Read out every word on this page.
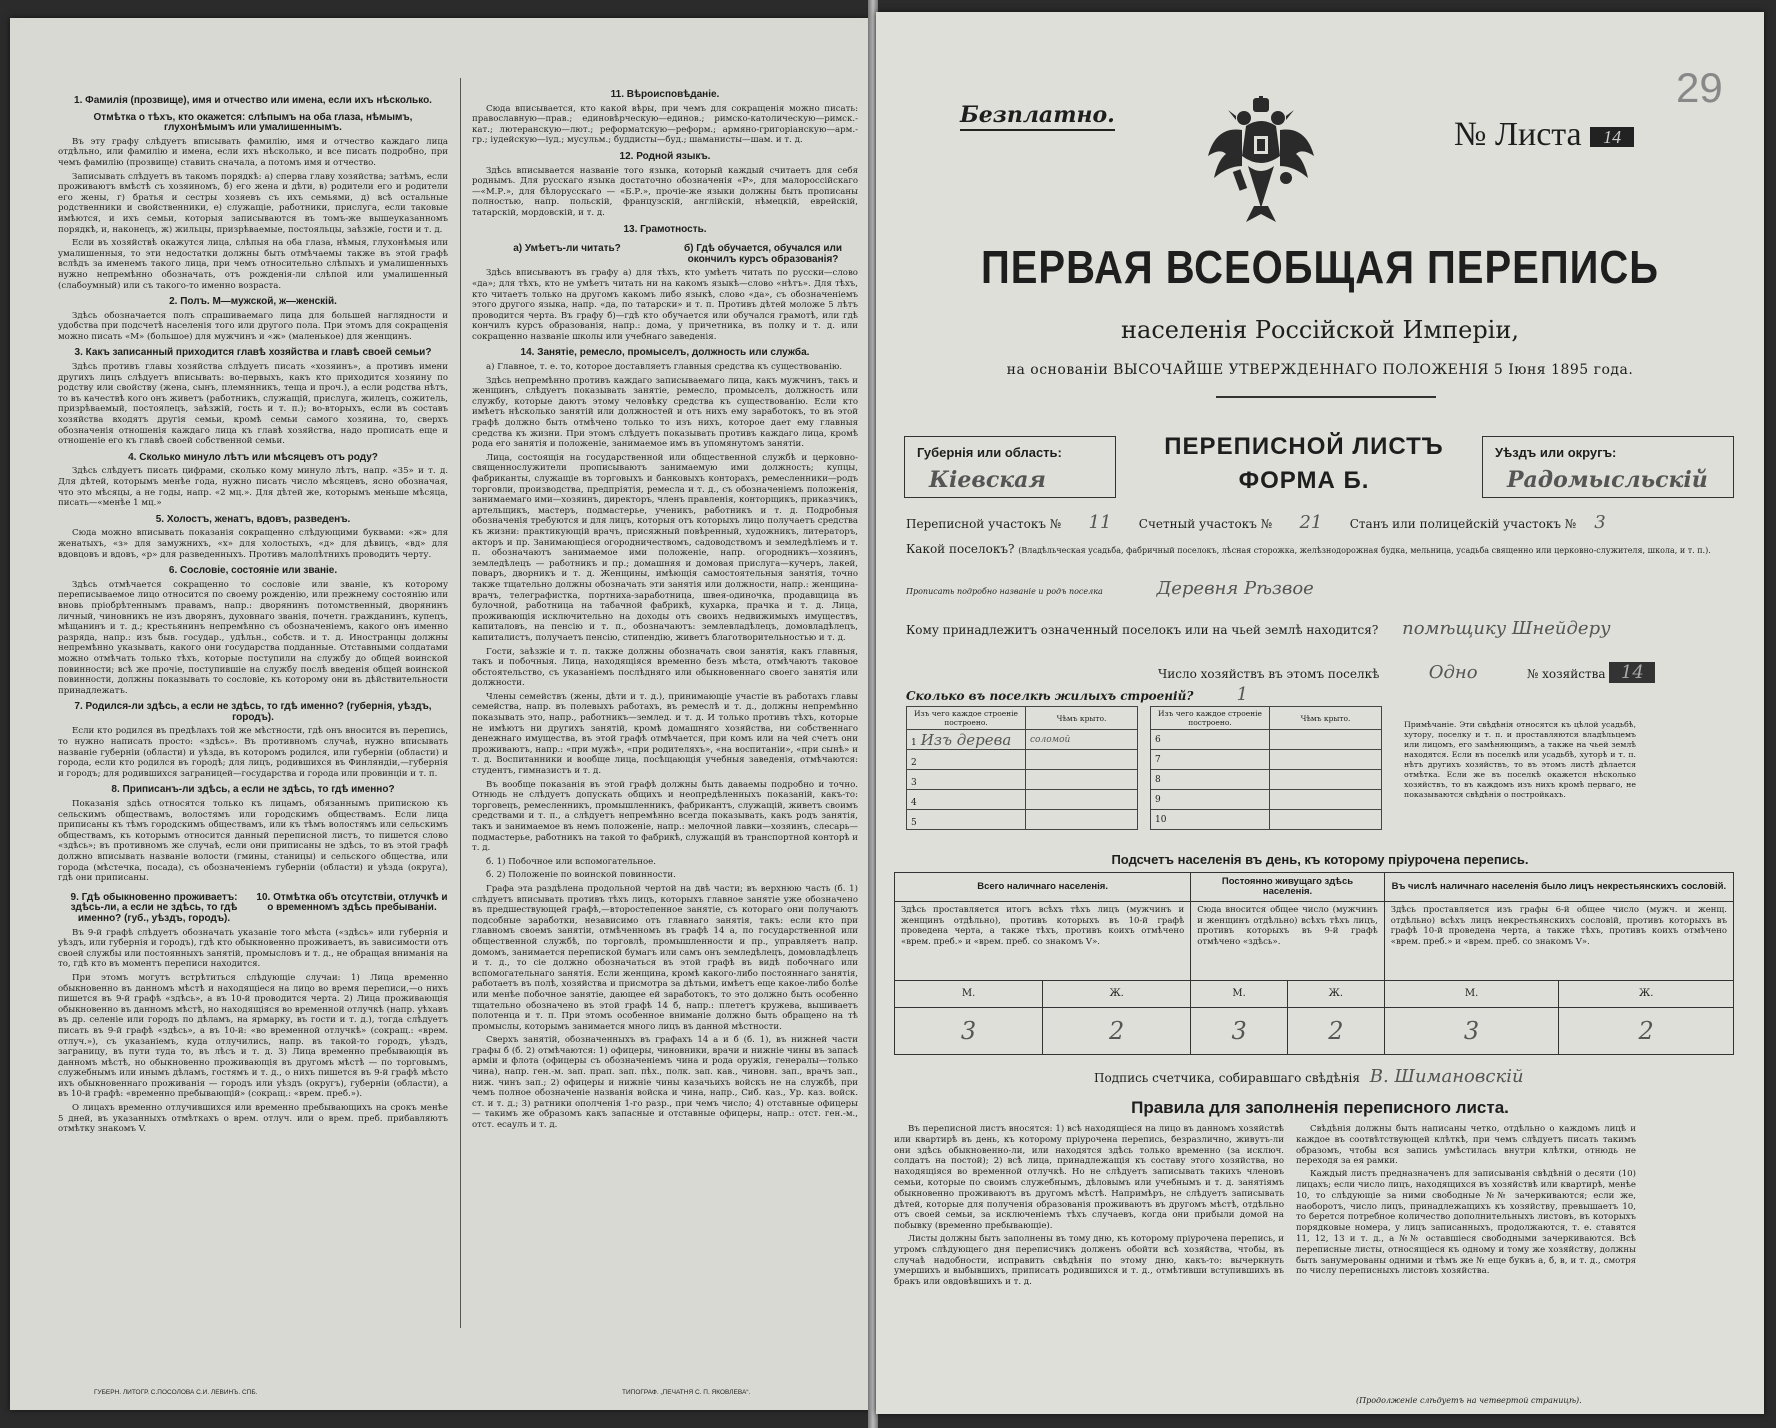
1. Фамилія (прозвище), имя и отчество или имена, если ихъ нѣсколько.
Отмѣтка о тѣхъ, кто окажется: слѣпымъ на оба глаза, нѣмымъ, глухонѣмымъ или умалишеннымъ.

Въ эту графу слѣдуетъ вписывать фамилію, имя и отчество каждаго лица отдѣльно, или фамилію и имена, если ихъ нѣсколько, и все писать подробно, при чемъ фамилію (прозвище) ставить сначала, а потомъ имя и отчество.

Записывать слѣдуетъ въ такомъ порядкѣ: а) сперва главу хозяйства; затѣмъ, если проживаютъ вмѣстѣ съ хозяиномъ, б) его жена и дѣти, в) родители его и родители его жены, г) братья и сестры хозяевъ съ ихъ семьями, д) всѣ остальные родственники и свойственники, е) служащіе, работники, прислуга, если таковые имѣются, и ихъ семьи, которыя записываются въ томъ-же вышеуказанномъ порядкѣ, и, наконецъ, ж) жильцы, призрѣваемые, постояльцы, заѣзжіе, гости и т. д.

Если въ хозяйствѣ окажутся лица, слѣпыя на оба глаза, нѣмыя, глухонѣмыя или умалишенныя, то эти недостатки должны быть отмѣчаемы также въ этой графѣ вслѣдъ за именемъ такого лица, при чемъ относительно слѣпыхъ и умалишенныхъ нужно непремѣнно обозначать, отъ рожденія-ли слѣпой или умалишенный (слабоумный) или съ такого-то именно возраста.

2. Полъ. М—мужской, ж—женскій.

Здѣсь обозначается полъ спрашиваемаго лица для большей наглядности и удобства при подсчетѣ населенія того или другого пола. При этомъ для сокращенія можно писать «М» (большое) для мужчинъ и «ж» (маленькое) для женщинъ.

3. Какъ записанный приходится главѣ хозяйства и главѣ своей семьи?

Здѣсь противъ главы хозяйства слѣдуетъ писать «хозяинъ», а противъ имени другихъ лицъ слѣдуетъ вписывать: во-первыхъ, какъ кто приходится хозяину по родству или свойству (жена, сынъ, племянникъ, теща и проч.), а если родства нѣтъ, то въ качествѣ кого онъ живетъ (работникъ, служащій, прислуга, жилецъ, сожитель, призрѣваемый, постоялецъ, заѣзжій, гость и т. п.); во-вторыхъ, если въ составъ хозяйства входятъ другія семьи, кромѣ семьи самого хозяина, то, сверхъ обозначенія отношенія каждаго лица къ главѣ хозяйства, надо прописать еще и отношеніе его къ главѣ своей собственной семьи.

4. Сколько минуло лѣтъ или мѣсяцевъ отъ роду?

Здѣсь слѣдуетъ писать цифрами, сколько кому минуло лѣтъ, напр. «35» и т. д. Для дѣтей, которымъ менѣе года, нужно писать число мѣсяцевъ, ясно обозначая, что это мѣсяцы, а не годы, напр. «2 мц.». Для дѣтей же, которымъ меньше мѣсяца, писать—«менѣе 1 мц.»

5. Холостъ, женатъ, вдовъ, разведенъ.

Сюда можно вписывать показанія сокращенно слѣдующими буквами: «ж» для женатыхъ, «з» для замужнихъ, «х» для холостыхъ, «д» для дѣвицъ, «вд» для вдовцовъ и вдовъ, «р» для разведенныхъ. Противъ малолѣтнихъ проводить черту.

6. Сословіе, состояніе или званіе.

Здѣсь отмѣчается сокращенно то сословіе или званіе, къ которому переписываемое лицо относится по своему рожденію, или прежнему состоянію или вновь пріобрѣтеннымъ правамъ, напр.: дворянинъ потомственный, дворянинъ личный, чиновникъ не изъ дворянъ, духовнаго званія, почетн. гражданинъ, купецъ, мѣщанинъ и т. д.; крестьянинъ непремѣнно съ обозначеніемъ, какого онъ именно разряда, напр.: изъ быв. государ., удѣльн., собств. и т. д. Иностранцы должны непремѣнно указывать, какого они государства подданные. Отставными солдатами можно отмѣчать только тѣхъ, которые поступили на службу до общей воинской повинности; всѣ же прочіе, поступившіе на службу послѣ введенія общей воинской повинности, должны показывать то сословіе, къ которому они въ дѣйствительности принадлежатъ.

7. Родился-ли здѣсь, а если не здѣсь, то гдѣ именно? (губернія, уѣздъ, городъ).

Если кто родился въ предѣлахъ той же мѣстности, гдѣ онъ вносится въ перепись, то нужно написать просто: «здѣсь». Въ противномъ случаѣ, нужно вписывать названіе губерніи (области) и уѣзда, въ которомъ родился, или губерніи (области) и города, если кто родился въ городѣ; для лицъ, родившихся въ Финляндіи,—губернія и городъ; для родившихся заграницей—государства и города или провинціи и т. п.

8. Приписанъ-ли здѣсь, а если не здѣсь, то гдѣ именно?

Показанія здѣсь относятся только къ лицамъ, обязаннымъ припискою къ сельскимъ обществамъ, волостямъ или городскимъ обществамъ. Если лица приписаны къ тѣмъ городскимъ обществамъ, или къ тѣмъ волостямъ или сельскимъ обществамъ, къ которымъ относится данный переписной листъ, то пишется слово «здѣсь»; въ противномъ же случаѣ, если они приписаны не здѣсь, то въ этой графѣ должно вписывать названіе волости (гмины, станицы) и сельского общества, или города (мѣстечка, посада), съ обозначеніемъ губерніи (области) и уѣзда (округа), гдѣ они приписаны.

9. Гдѣ обыкновенно проживаетъ: здѣсь-ли, а если не здѣсь, то гдѣ именно? (губ., уѣздъ, городъ).
10. Отмѣтка объ отсутствіи, отлучкѣ и о временномъ здѣсь пребываніи.

Въ 9-й графѣ слѣдуетъ обозначать указаніе того мѣста («здѣсь» или губернія и уѣздъ, или губернія и городъ), гдѣ кто обыкновенно проживаетъ, въ зависимости отъ своей службы или постоянныхъ занятій, промысловъ и т. д., не обращая вниманія на то, гдѣ кто въ моментъ переписи находится.

При этомъ могутъ встрѣтиться слѣдующіе случаи: 1) Лица временно обыкновенно въ данномъ мѣстѣ и находящіеся на лицо во время переписи,—о нихъ пишется въ 9-й графѣ «здѣсь», а въ 10-й проводится черта. 2) Лица проживающія обыкновенно въ данномъ мѣстѣ, но находящіяся во временной отлучкѣ (напр. уѣхавъ въ др. селеніе или городъ по дѣламъ, на ярмарку, въ гости и т. д.), тогда слѣдуетъ писать въ 9-й графѣ «здѣсь», а въ 10-й: «во временной отлучкѣ» (сокращ.: «врем. отлуч.»), съ указаніемъ, куда отлучились, напр. въ такой-то городъ, уѣздъ, заграницу, въ пути туда то, въ лѣсъ и т. д. 3) Лица временно пребывающія въ данномъ мѣстѣ, но обыкновенно проживающія въ другомъ мѣстѣ — по торговымъ, служебнымъ или инымъ дѣламъ, гостямъ и т. д., о нихъ пишется въ 9-й графѣ мѣсто ихъ обыкновеннаго проживанія — городъ или уѣздъ (округъ), губерніи (области), а въ 10-й графѣ: «временно пребывающій» (сокращ.: «врем. преб.»).

О лицахъ временно отлучившихся или временно пребывающихъ на срокъ менѣе 5 дней, въ указанныхъ отмѣткахъ о врем. отлуч. или о врем. преб. прибавляютъ отмѣтку знакомъ V.

11. Вѣроисповѣданіе.

Сюда вписывается, кто какой вѣры, при чемъ для сокращенія можно писать: православную—прав.; единовѣрческую—единов.; римско-католическую—римск.-кат.; лютеранскую—лют.; реформатскую—реформ.; армяно-григоріанскую—арм.-гр.; іудейскую—іуд.; мусульм.; буддисты—буд.; шаманисты—шам. и т. д.

12. Родной языкъ.

Здѣсь вписывается названіе того языка, который каждый считаетъ для себя роднымъ. Для русскаго языка достаточно обозначенія «Р», для малороссійскаго—«М.Р.», для бѣлорусскаго — «Б.Р.», прочіе-же языки должны быть прописаны полностью, напр. польскій, французскій, англійскій, нѣмецкій, еврейскій, татарскій, мордовскій, и т. д.

13. Грамотность.
а) Умѣетъ-ли читать?	б) Гдѣ обучается, обучался или окончилъ курсъ образованія?

Здѣсь вписываютъ въ графу а) для тѣхъ, кто умѣетъ читать по русски—слово «да»; для тѣхъ, кто не умѣетъ читать ни на какомъ языкѣ—слово «нѣтъ». Для тѣхъ, кто читаетъ только на другомъ какомъ либо языкѣ, слово «да», съ обозначеніемъ этого другого языка, напр. «да, по татарски» и т. п. Противъ дѣтей моложе 5 лѣтъ проводится черта. Въ графу б)—гдѣ кто обучается или обучался грамотѣ, или гдѣ кончилъ курсъ образованія, напр.: дома, у причетника, въ полку и т. д. или сокращенно названіе школы или учебнаго заведенія.

14. Занятіе, ремесло, промыселъ, должность или служба.

а) Главное, т. е. то, которое доставляетъ главныя средства къ существованію.

Здѣсь непремѣнно противъ каждаго записываемаго лица, какъ мужчинъ, такъ и женщинъ, слѣдуетъ показывать занятіе, ремесло, промыселъ, должность или службу, которые даютъ этому человѣку средства къ существованію. Если кто имѣетъ нѣсколько занятій или должностей и отъ нихъ ему заработокъ, то въ этой графѣ должно быть отмѣчено только то изъ нихъ, которое дает ему главныя средства къ жизни. При этомъ слѣдуетъ показывать противъ каждаго лица, кромѣ рода его занятія и положеніе, занимаемое имъ въ упомянутомъ занятіи.

Лица, состоящія на государственной или общественной службѣ и церковно-священнослужители прописываютъ занимаемую ими должность; купцы, фабриканты, служащіе въ торговыхъ и банковыхъ конторахъ, ремесленники—родъ торговли, производства, предпріятія, ремесла и т. д., съ обозначеніемъ положенія, занимаемаго ими—хозяинъ, директоръ, членъ правленія, конторщикъ, приказчикъ, артельщикъ, мастеръ, подмастерье, ученикъ, работникъ и т. д. Подробныя обозначенія требуются и для лицъ, которыя отъ которыхъ лицо получаетъ средства къ жизни: практикующій врачъ, присяжный повѣренный, художникъ, литераторъ, акторъ и пр. Занимающіеся огородничествомъ, садоводствомъ и земледѣліемъ и т. п. обозначаютъ занимаемое ими положеніе, напр. огородникъ—хозяинъ, земледѣлецъ — работникъ и пр.; домашняя и домовая прислуга—кучеръ, лакей, поваръ, дворникъ и т. д. Женщины, имѣющія самостоятельныя занятія, точно также тщательно должны обозначать эти занятія или должности, напр.: женщина-врачъ, телеграфистка, портниха-заработница, швея-одиночка, продавщица въ булочной, работница на табачной фабрикѣ, кухарка, прачка и т. д. Лица, проживающія исключительно на доходы отъ своихъ недвижимыхъ имуществъ, капиталовъ, на пенсію и т. п., обозначаютъ: землевладѣлецъ, домовладѣлецъ, капиталистъ, получаетъ пенсію, стипендію, живетъ благотворительностью и т. д.

Гости, заѣзжіе и т. п. также должны обозначать свои занятія, какъ главныя, такъ и побочныя. Лица, находящіяся временно безъ мѣста, отмѣчаютъ таковое обстоятельство, съ указаніемъ послѣдняго или обыкновеннаго своего занятія или должности.

Члены семействъ (жены, дѣти и т. д.), принимающіе участіе въ работахъ главы семейства, напр. въ полевыхъ работахъ, въ ремеслѣ и т. д., должны непремѣнно показывать это, напр., работникъ—землед. и т. д. И только противъ тѣхъ, которые не имѣютъ ни другихъ занятій, кромѣ домашняго хозяйства, ни собственнаго денежнаго имущества, въ этой графѣ отмѣчается, при комъ или на чей счетъ они проживаютъ, напр.: «при мужѣ», «при родителяхъ», «на воспитаніи», «при сынѣ» и т. д. Воспитанники и вообще лица, посѣщающія учебныя заведенія, отмѣчаются: студентъ, гимназистъ и т. д.

Въ вообще показанія въ этой графѣ должны быть даваемы подробно и точно. Отнюдь не слѣдуетъ допускать общихъ и неопредѣленныхъ показаній, какъ-то: торговецъ, ремесленникъ, промышленникъ, фабрикантъ, служащій, живетъ своимъ средствами и т. п., а слѣдуетъ непремѣнно всегда показывать, какъ родъ занятія, такъ и занимаемое въ немъ положеніе, напр.: мелочной лавки—хозяинъ, слесарь—подмастерье, работникъ на такой то фабрикѣ, служащій въ транспортной конторѣ и т. д.

б. 1) Побочное или вспомогательное.

б. 2) Положеніе по воинской повинности.

Графа эта раздѣлена продольной чертой на двѣ части; въ верхнюю часть (б. 1) слѣдуетъ вписывать противъ тѣхъ лицъ, которыхъ главное занятіе уже обозначено въ предшествующей графѣ,—второстепенное занятіе, съ котораго они получаютъ подсобные заработки, независимо отъ главнаго занятія, такъ: если кто при главномъ своемъ занятіи, отмѣченномъ въ графѣ 14 а, по государственной или общественной службѣ, по торговлѣ, промышленности и пр., управляетъ напр. домомъ, занимается перепиской бумагъ или самъ онъ земледѣлецъ, домовладѣлецъ и т. д., то сіе должно обозначаться въ этой графѣ въ видѣ побочнаго или вспомогательнаго занятія. Если женщина, кромѣ какого-либо постояннаго занятія, работаетъ въ полѣ, хозяйства и присмотра за дѣтьми, имѣетъ еще какое-либо болѣе или менѣе побочное занятіе, дающее ей заработокъ, то это должно быть особенно тщательно обозначено въ этой графѣ 14 б, напр.: плететъ кружева, вышиваетъ полотенца и т. п. При этомъ особенное вниманіе должно быть обращено на тѣ промыслы, которымъ занимается много лицъ въ данной мѣстности.

Сверхъ занятій, обозначенныхъ въ графахъ 14 а и б (б. 1), въ нижней части графы б (б. 2) отмѣчаются: 1) офицеры, чиновники, врачи и нижніе чины въ запасѣ арміи и флота (офицеры съ обозначеніемъ чина и рода оружія, генералы—только чина), напр. ген.-м. зап. прап. зап. пѣх., полк. зап. кав., чиновн. зап., врачъ зап., ниж. чинъ зап.; 2) офицеры и нижніе чины казачьихъ войскъ не на службѣ, при чемъ полное обозначеніе названія войска и чина, напр., Сиб. каз., Ур. каз. войск. ст. и т. д.; 3) ратники ополченія 1-го разр., при чемъ число; 4) отставные офицеры — такимъ же образомъ какъ запасные и отставные офицеры, напр.: отст. ген.-м., отст. есаулъ и т. д.

ГУБЕРН. ЛИТОГР. С.ПОСОЛОВА С.И. ЛЕВИНЪ. СПБ.	ТИПОГРАФ. „ПЕЧАТНЯ С. П. ЯКОВЛЕВА“.
29
Безплатно.
№ Листа 14
ПЕРВАЯ ВСЕОБЩАЯ ПЕРЕПИСЬ
населенія Россійской Имперіи,
на основаніи ВЫСОЧАЙШЕ УТВЕРЖДЕННАГО ПОЛОЖЕНІЯ 5 Іюня 1895 года.
Губернія или область:
Кіевская
ПЕРЕПИСНОЙ ЛИСТЪ
ФОРМА Б.
Уѣздъ или округъ:
Радомысльскій
Переписной участокъ № 11 Счетный участокъ № 21 Станъ или полицейскій участокъ № 3
Какой поселокъ? (Владѣльческая усадьба, фабричный поселокъ, лѣсная сторожка, желѣзнодорожная будка, мельница, усадьба священно или церковно-служителя, школа, и т. п.).
Прописать подробно названіе и родъ поселка	Деревня Рѣзвое
Кому принадлежитъ означенный поселокъ или на чьей землѣ находится? помѣщику Шнейдеру
Число хозяйствъ въ этомъ поселкѣ	Одно	№ хозяйства 14
Сколько въ поселкѣ жилыхъ строеній? 1
Изъ чего каждое строеніе построено.	Чѣмъ крыто.
1 Изъ дерева	соломой
2	
3	
4	
5	
Изъ чего каждое строеніе построено.	Чѣмъ крыто.
6	
7	
8	
9	
10	
Примѣчаніе. Эти свѣдѣнія относятся къ цѣлой усадьбѣ, хутору, поселку и т. п. и проставляются владѣльцемъ или лицомъ, его замѣняющимъ, а также на чьей землѣ находятся. Если въ поселкѣ или усадьбѣ, хуторѣ и т. п. нѣтъ другихъ хозяйствъ, то въ этомъ листѣ дѣлается отмѣтка. Если же въ поселкѣ окажется нѣсколько хозяйствъ, то въ каждомъ изъ нихъ кромѣ перваго, не показываются свѣдѣнія о постройкахъ.
Подсчетъ населенія въ день, къ которому пріурочена перепись.
Всего наличнаго населенія.		Постоянно живущаго здѣсь населенія.		Въ числѣ наличнаго населенія было лицъ некрестьянскихъ сословій.	
Здѣсь проставляется итогъ всѣхъ тѣхъ лицъ (мужчинъ и женщинъ отдѣльно), противъ которыхъ въ 10-й графѣ проведена черта, а также тѣхъ, противъ коихъ отмѣчено «врем. преб.» и «врем. преб. со знакомъ V».		Сюда вносится общее число (мужчинъ и женщинъ отдѣльно) всѣхъ тѣхъ лицъ, противъ которыхъ въ 9-й графѣ отмѣчено «здѣсь».		Здѣсь проставляется изъ графы 6-й общее число (мужч. и женщ. отдѣльно) всѣхъ лицъ некрестьянскихъ сословій, противъ которыхъ въ графѣ 10-й проведена черта, а также тѣхъ, противъ коихъ отмѣчено «врем. преб.» и «врем. преб. со знакомъ V».	
М.	Ж.	М.	Ж.	М.	Ж.
3	2	3	2	3	2
Подпись счетчика, собиравшаго свѣдѣнія В. Шимановскій
Правила для заполненія переписного листа.

Въ переписной листъ вносятся: 1) всѣ находящіеся на лицо въ данномъ хозяйствѣ или квартирѣ въ день, къ которому пріурочена перепись, безразлично, живутъ-ли они здѣсь обыкновенно-ли, или находятся здѣсь только временно (за исключ. солдатъ на постой); 2) всѣ лица, принадлежащія къ составу этого хозяйства, но находящіяся во временной отлучкѣ. Но не слѣдуетъ записывать такихъ членовъ семьи, которые по своимъ служебнымъ, дѣловымъ или учебнымъ и т. д. занятіямъ обыкновенно проживаютъ въ другомъ мѣстѣ. Напримѣръ, не слѣдуетъ записывать дѣтей, которые для полученія образованія проживаютъ въ другомъ мѣстѣ, отдѣльно отъ своей семьи, за исключеніемъ тѣхъ случаевъ, когда они прибыли домой на побывку (временно пребывающіе).

Листы должны быть заполнены въ тому дню, къ которому пріурочена перепись, и утромъ слѣдующего дня переписчикъ долженъ обойти всѣ хозяйства, чтобы, въ случаѣ надобности, исправить свѣдѣнія по этому дню, какъ-то: вычеркнуть умершихъ и выбывшихъ, приписать родившихся и т. д., отмѣтивши вступившихъ въ бракъ или овдовѣвшихъ и т. д.

Свѣдѣнія должны быть написаны четко, отдѣльно о каждомъ лицѣ и каждое въ соотвѣтствующей клѣткѣ, при чемъ слѣдуетъ писать такимъ образомъ, чтобы вся запись умѣстилась внутри клѣтки, отнюдь не переходя за ея рамки.

Каждый листъ предназначенъ для записыванія свѣдѣній о десяти (10) лицахъ; если число лицъ, находящихся въ хозяйствѣ или квартирѣ, менѣе 10, то слѣдующіе за ними свободные №№ зачеркиваются; если же, наоборотъ, число лицъ, принадлежащихъ къ хозяйству, превышаетъ 10, то берется потребное количество дополнительныхъ листовъ, въ которыхъ порядковые номера, у лицъ записанныхъ, продолжаются, т. е. ставятся 11, 12, 13 и т. д., а №№ оставшіеся свободными зачеркиваются. Всѣ переписные листы, относящіеся къ одному и тому же хозяйству, должны быть занумерованы одними и тѣмъ же № еще буквъ а, б, в, и т. д., смотря по числу переписныхъ листовъ хозяйства.

(Продолженіе слѣдуетъ на четвертой страницѣ).
